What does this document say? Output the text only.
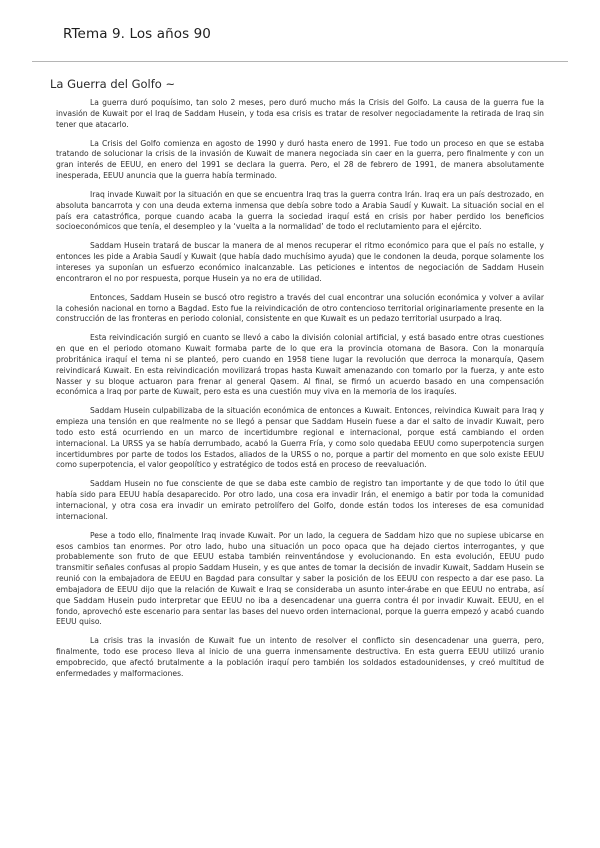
RTema 9. Los años 90
La Guerra del Golfo ~

La guerra duró poquísimo, tan solo 2 meses, pero duró mucho más la Crisis del Golfo. La causa de la guerra fue la invasión de Kuwait por el Iraq de Saddam Husein, y toda esa crisis es tratar de resolver negociadamente la retirada de Iraq sin tener que atacarlo.

La Crisis del Golfo comienza en agosto de 1990 y duró hasta enero de 1991. Fue todo un proceso en que se estaba tratando de solucionar la crisis de la invasión de Kuwait de manera negociada sin caer en la guerra, pero finalmente y con un gran interés de EEUU, en enero del 1991 se declara la guerra. Pero, el 28 de febrero de 1991, de manera absolutamente inesperada, EEUU anuncia que la guerra había terminado.

Iraq invade Kuwait por la situación en que se encuentra Iraq tras la guerra contra Irán. Iraq era un país destrozado, en absoluta bancarrota y con una deuda externa inmensa que debía sobre todo a Arabia Saudí y Kuwait. La situación social en el país era catastrófica, porque cuando acaba la guerra la sociedad iraquí está en crisis por haber perdido los beneficios socioeconómicos que tenía, el desempleo y la ‘vuelta a la normalidad’ de todo el reclutamiento para el ejército.

Saddam Husein tratará de buscar la manera de al menos recuperar el ritmo económico para que el país no estalle, y entonces les pide a Arabia Saudí y Kuwait (que había dado muchísimo ayuda) que le condonen la deuda, porque solamente los intereses ya suponían un esfuerzo económico inalcanzable. Las peticiones e intentos de negociación de Saddam Husein encontraron el no por respuesta, porque Husein ya no era de utilidad.

Entonces, Saddam Husein se buscó otro registro a través del cual encontrar una solución económica y volver a avilar la cohesión nacional en torno a Bagdad. Esto fue la reivindicación de otro contencioso territorial originariamente presente en la construcción de las fronteras en periodo colonial, consistente en que Kuwait es un pedazo territorial usurpado a Iraq.

Esta reivindicación surgió en cuanto se llevó a cabo la división colonial artificial, y está basado entre otras cuestiones en que en el periodo otomano Kuwait formaba parte de lo que era la provincia otomana de Basora. Con la monarquía probritánica iraquí el tema ni se planteó, pero cuando en 1958 tiene lugar la revolución que derroca la monarquía, Qasem reivindicará Kuwait. En esta reivindicación movilizará tropas hasta Kuwait amenazando con tomarlo por la fuerza, y ante esto Nasser y su bloque actuaron para frenar al general Qasem. Al final, se firmó un acuerdo basado en una compensación económica a Iraq por parte de Kuwait, pero esta es una cuestión muy viva en la memoria de los iraquíes.

Saddam Husein culpabilizaba de la situación económica de entonces a Kuwait. Entonces, reivindica Kuwait para Iraq y empieza una tensión en que realmente no se llegó a pensar que Saddam Husein fuese a dar el salto de invadir Kuwait, pero todo esto está ocurriendo en un marco de incertidumbre regional e internacional, porque está cambiando el orden internacional. La URSS ya se había derrumbado, acabó la Guerra Fría, y como solo quedaba EEUU como superpotencia surgen incertidumbres por parte de todos los Estados, aliados de la URSS o no, porque a partir del momento en que solo existe EEUU como superpotencia, el valor geopolítico y estratégico de todos está en proceso de reevaluación.

Saddam Husein no fue consciente de que se daba este cambio de registro tan importante y de que todo lo útil que había sido para EEUU había desaparecido. Por otro lado, una cosa era invadir Irán, el enemigo a batir por toda la comunidad internacional, y otra cosa era invadir un emirato petrolífero del Golfo, donde están todos los intereses de esa comunidad internacional.

Pese a todo ello, finalmente Iraq invade Kuwait. Por un lado, la ceguera de Saddam hizo que no supiese ubicarse en esos cambios tan enormes. Por otro lado, hubo una situación un poco opaca que ha dejado ciertos interrogantes, y que probablemente son fruto de que EEUU estaba también reinventándose y evolucionando. En esta evolución, EEUU pudo transmitir señales confusas al propio Saddam Husein, y es que antes de tomar la decisión de invadir Kuwait, Saddam Husein se reunió con la embajadora de EEUU en Bagdad para consultar y saber la posición de los EEUU con respecto a dar ese paso. La embajadora de EEUU dijo que la relación de Kuwait e Iraq se consideraba un asunto inter-árabe en que EEUU no entraba, así que Saddam Husein pudo interpretar que EEUU no iba a desencadenar una guerra contra él por invadir Kuwait. EEUU, en el fondo, aprovechó este escenario para sentar las bases del nuevo orden internacional, porque la guerra empezó y acabó cuando EEUU quiso.

La crisis tras la invasión de Kuwait fue un intento de resolver el conflicto sin desencadenar una guerra, pero, finalmente, todo ese proceso lleva al inicio de una guerra inmensamente destructiva. En esta guerra EEUU utilizó uranio empobrecido, que afectó brutalmente a la población iraquí pero también los soldados estadounidenses, y creó multitud de enfermedades y malformaciones.
